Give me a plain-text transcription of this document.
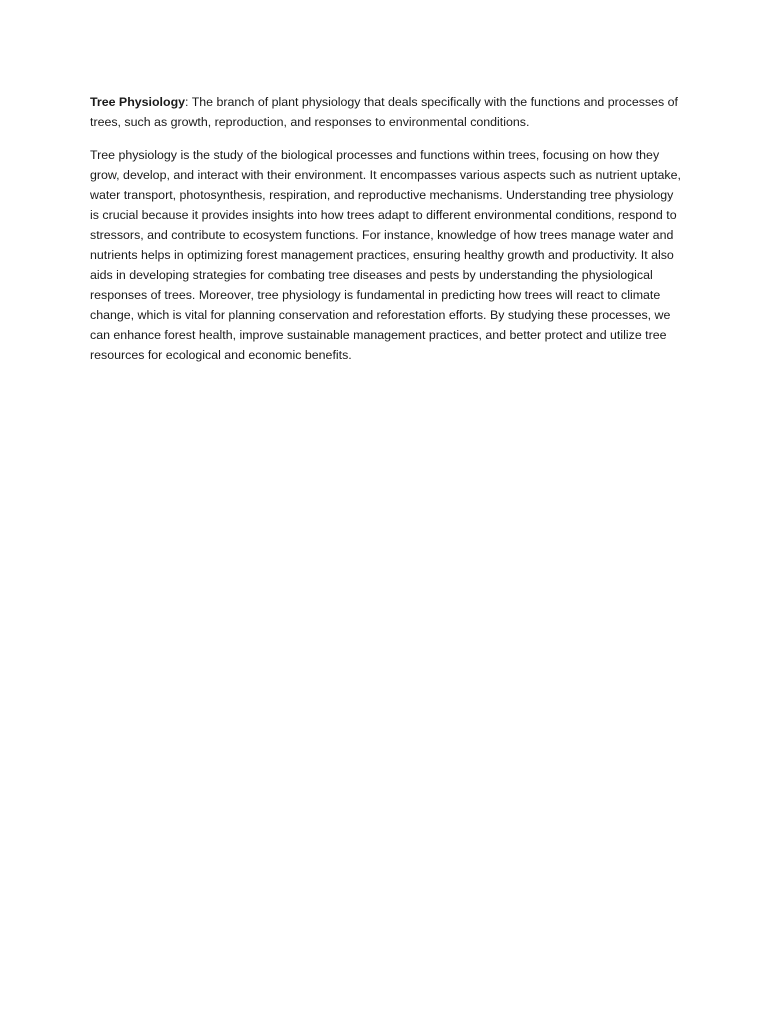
Tree Physiology: The branch of plant physiology that deals specifically with the functions and processes of trees, such as growth, reproduction, and responses to environmental conditions.

Tree physiology is the study of the biological processes and functions within trees, focusing on how they grow, develop, and interact with their environment. It encompasses various aspects such as nutrient uptake, water transport, photosynthesis, respiration, and reproductive mechanisms. Understanding tree physiology is crucial because it provides insights into how trees adapt to different environmental conditions, respond to stressors, and contribute to ecosystem functions. For instance, knowledge of how trees manage water and nutrients helps in optimizing forest management practices, ensuring healthy growth and productivity. It also aids in developing strategies for combating tree diseases and pests by understanding the physiological responses of trees. Moreover, tree physiology is fundamental in predicting how trees will react to climate change, which is vital for planning conservation and reforestation efforts. By studying these processes, we can enhance forest health, improve sustainable management practices, and better protect and utilize tree resources for ecological and economic benefits.
